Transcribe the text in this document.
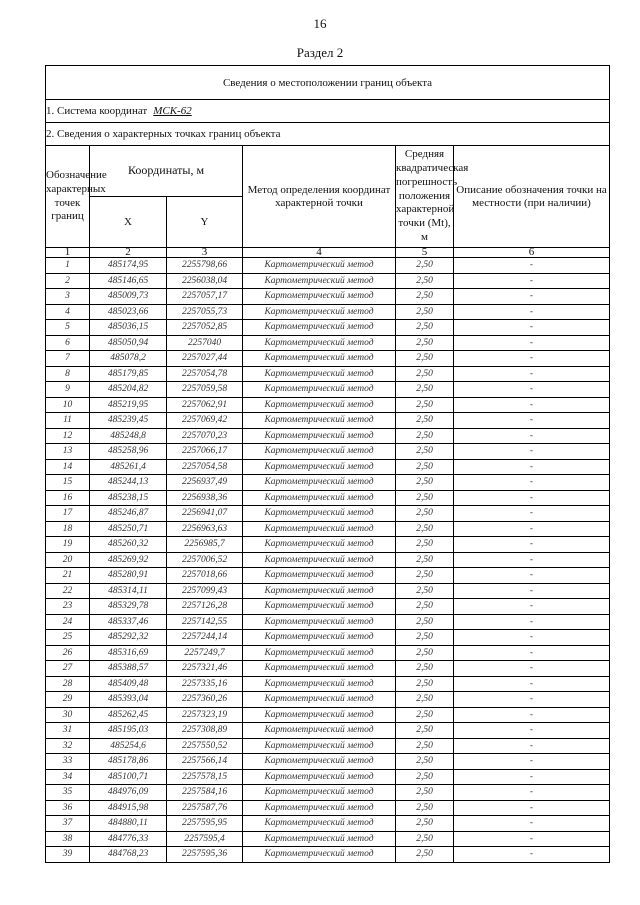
16
Раздел 2
Сведения о местоположении границ объекта					
1. Система координат МСК-62					
2. Сведения о характерных точках границ объекта					
Обозначение характерных точек границ	Координаты, м		Метод определения координат характерной точки	Средняя квадратическая погрешность положения характерной точки (Mt), м	Описание обозначения точки на местности (при наличии)
	X	Y			
1	2	3	4	5	6
1	485174,95	2255798,66	Картометрический метод	2,50	-
2	485146,65	2256038,04	Картометрический метод	2,50	-
3	485009,73	2257057,17	Картометрический метод	2,50	-
4	485023,66	2257055,73	Картометрический метод	2,50	-
5	485036,15	2257052,85	Картометрический метод	2,50	-
6	485050,94	2257040	Картометрический метод	2,50	-
7	485078,2	2257027,44	Картометрический метод	2,50	-
8	485179,85	2257054,78	Картометрический метод	2,50	-
9	485204,82	2257059,58	Картометрический метод	2,50	-
10	485219,95	2257062,91	Картометрический метод	2,50	-
11	485239,45	2257069,42	Картометрический метод	2,50	-
12	485248,8	2257070,23	Картометрический метод	2,50	-
13	485258,96	2257066,17	Картометрический метод	2,50	-
14	485261,4	2257054,58	Картометрический метод	2,50	-
15	485244,13	2256937,49	Картометрический метод	2,50	-
16	485238,15	2256938,36	Картометрический метод	2,50	-
17	485246,87	2256941,07	Картометрический метод	2,50	-
18	485250,71	2256963,63	Картометрический метод	2,50	-
19	485260,32	2256985,7	Картометрический метод	2,50	-
20	485269,92	2257006,52	Картометрический метод	2,50	-
21	485280,91	2257018,66	Картометрический метод	2,50	-
22	485314,11	2257099,43	Картометрический метод	2,50	-
23	485329,78	2257126,28	Картометрический метод	2,50	-
24	485337,46	2257142,55	Картометрический метод	2,50	-
25	485292,32	2257244,14	Картометрический метод	2,50	-
26	485316,69	2257249,7	Картометрический метод	2,50	-
27	485388,57	2257321,46	Картометрический метод	2,50	-
28	485409,48	2257335,16	Картометрический метод	2,50	-
29	485393,04	2257360,26	Картометрический метод	2,50	-
30	485262,45	2257323,19	Картометрический метод	2,50	-
31	485195,03	2257308,89	Картометрический метод	2,50	-
32	485254,6	2257550,52	Картометрический метод	2,50	-
33	485178,86	2257566,14	Картометрический метод	2,50	-
34	485100,71	2257578,15	Картометрический метод	2,50	-
35	484976,09	2257584,16	Картометрический метод	2,50	-
36	484915,98	2257587,76	Картометрический метод	2,50	-
37	484880,11	2257595,95	Картометрический метод	2,50	-
38	484776,33	2257595,4	Картометрический метод	2,50	-
39	484768,23	2257595,36	Картометрический метод	2,50	-
